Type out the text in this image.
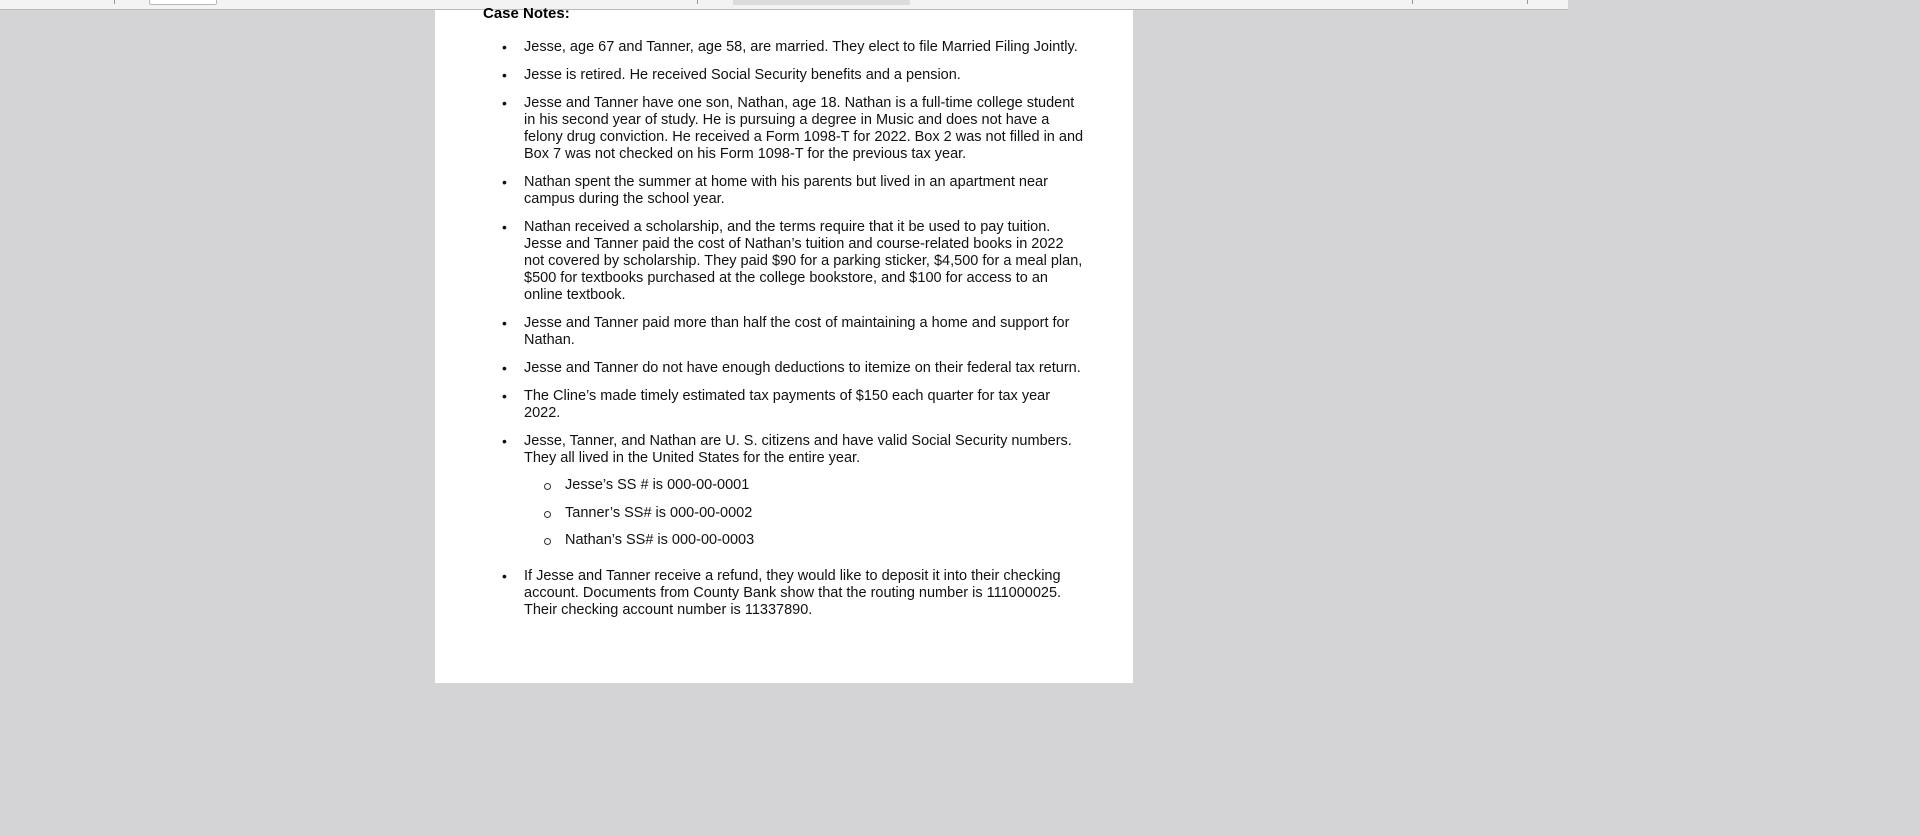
Case Notes:
• Jesse, age 67 and Tanner, age 58, are married. They elect to file Married Filing Jointly.
• Jesse is retired. He received Social Security benefits and a pension.
• Jesse and Tanner have one son, Nathan, age 18. Nathan is a full-time college student in his second year of study. He is pursuing a degree in Music and does not have a felony drug conviction. He received a Form 1098-T for 2022. Box 2 was not filled in and Box 7 was not checked on his Form 1098-T for the previous tax year.
• Nathan spent the summer at home with his parents but lived in an apartment near campus during the school year.
• Nathan received a scholarship, and the terms require that it be used to pay tuition. Jesse and Tanner paid the cost of Nathan’s tuition and course-related books in 2022 not covered by scholarship. They paid $90 for a parking sticker, $4,500 for a meal plan, $500 for textbooks purchased at the college bookstore, and $100 for access to an online textbook.
• Jesse and Tanner paid more than half the cost of maintaining a home and support for Nathan.
• Jesse and Tanner do not have enough deductions to itemize on their federal tax return.
• The Cline’s made timely estimated tax payments of $150 each quarter for tax year 2022.
• Jesse, Tanner, and Nathan are U. S. citizens and have valid Social Security numbers. They all lived in the United States for the entire year.
Jesse’s SS # is 000-00-0001
Tanner’s SS# is 000-00-0002
Nathan’s SS# is 000-00-0003
• If Jesse and Tanner receive a refund, they would like to deposit it into their checking account. Documents from County Bank show that the routing number is 111000025. Their checking account number is 11337890.
